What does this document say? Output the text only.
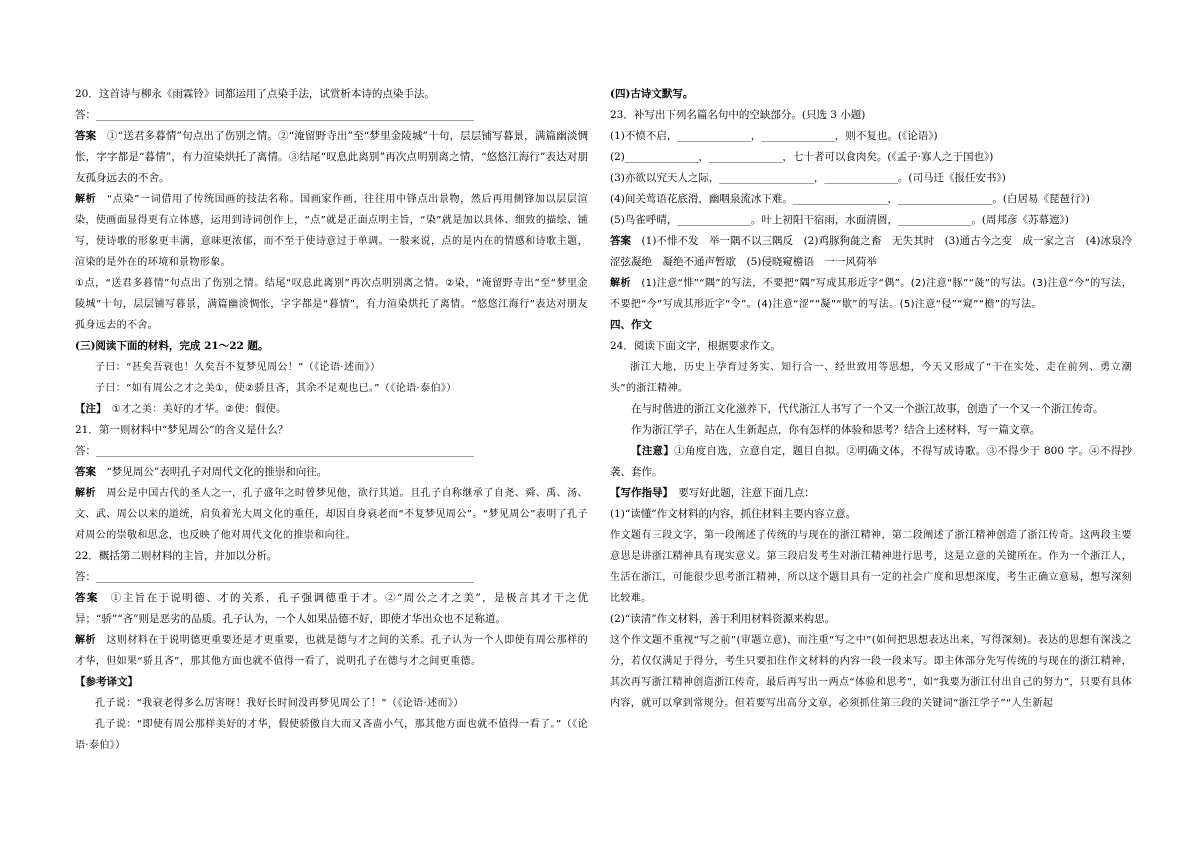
20．这首诗与柳永《雨霖铃》词都运用了点染手法，试赏析本诗的点染手法。

答：________________________________________________________________________

答案　 ①“送君多暮情”句点出了伤别之情。②“淹留野寺出”至“梦里金陵城”十句，层层铺写暮景，满篇幽淡惆怅，字字都是“暮情”，有力渲染烘托了离情。③结尾“叹息此离别”再次点明别离之情，“悠悠江海行”表达对朋友孤身远去的不舍。

解析　 “点染”一词借用了传统国画的技法名称。国画家作画，往往用中锋点出景物，然后再用侧锋加以层层渲染，使画面显得更有立体感，运用到诗词创作上，“点”就是正面点明主旨，“染”就是加以具体、细致的描绘、铺写，使诗歌的形象更丰满，意味更浓郁，而不至于使诗意过于单调。一般来说，点的是内在的情感和诗歌主题，渲染的是外在的环境和景物形象。

①点，“送君多暮情”句点出了伤别之情。结尾“叹息此离别”再次点明别离之情。②染，“淹留野寺出”至“梦里金陵城”十句，层层铺写暮景，满篇幽淡惆怅，字字都是“暮情”，有力渲染烘托了离情。“悠悠江海行”表达对朋友孤身远去的不舍。

(三)阅读下面的材料，完成 21～22 题。

子曰：“甚矣吾衰也！久矣吾不复梦见周公！”（《论语·述而》）

子曰：“如有周公之才之美①，使②骄且吝，其余不足观也已。”（《论语·泰伯》）

【注】　 ①才之美：美好的才华。②使：假使。

21．第一则材料中“梦见周公”的含义是什么？

答：________________________________________________________________________

答案　 “梦见周公”表明孔子对周代文化的推崇和向往。

解析　 周公是中国古代的圣人之一，孔子盛年之时曾梦见他，欲行其道。且孔子自称继承了自尧、舜、禹、汤、文、武、周公以来的道统，肩负着光大周文化的重任，却因自身衰老而“不复梦见周公”。“梦见周公”表明了孔子对周公的崇敬和思念，也反映了他对周代文化的推崇和向往。

22．概括第二则材料的主旨，并加以分析。

答：________________________________________________________________________

答案　 ①主旨在于说明德、才的关系，孔子强调德重于才。②“周公之才之美”，是极言其才干之优异；“骄”“吝”则是恶劣的品质。孔子认为，一个人如果品德不好，即使才华出众也不足称道。

解析　 这则材料在于说明德更重要还是才更重要，也就是德与才之间的关系。孔子认为一个人即使有周公那样的才华，但如果“骄且吝”，那其他方面也就不值得一看了，说明孔子在德与才之间更重德。

【参考译文】

孔子说：“我衰老得多么厉害呀！我好长时间没再梦见周公了！”（《论语·述而》）

孔子说：“即使有周公那样美好的才华，假使骄傲自大而又吝啬小气，那其他方面也就不值得一看了。”（《论语·泰伯》）

(四)古诗文默写。

23．补写出下列名篇名句中的空缺部分。(只选 3 小题)

(1)不愤不启，______________，______________，则不复也。(《论语》)

(2)______________，______________，七十者可以食肉矣。(《孟子·寡人之于国也》)

(3)亦欲以究天人之际，__________________，______________。(司马迁《报任安书》)

(4)间关莺语花底滑，幽咽泉流冰下难。__________________，__________________。(白居易《琵琶行》)

(5)鸟雀呼晴，______________。叶上初阳干宿雨，水面清圆，______________。(周邦彦《苏幕遮》)

答案　 (1)不悱不发　举一隅不以三隅反　(2)鸡豚狗彘之畜　无失其时　(3)通古今之变　成一家之言　(4)冰泉冷涩弦凝绝　凝绝不通声暂歇　(5)侵晓窥檐语　一一风荷举

解析　 (1)注意“悱”“隅”的写法，不要把“隅”写成其形近字“偶”。(2)注意“豚”“彘”的写法。(3)注意“今”的写法，不要把“今”写成其形近字“令”。(4)注意“涩”“凝”“歇”的写法。(5)注意“侵”“窥”“檐”的写法。

四、作文

24．阅读下面文字，根据要求作文。

浙江大地，历史上孕育过务实、知行合一、经世致用等思想，今天又形成了“干在实处、走在前列、勇立潮头”的浙江精神。

在与时偕进的浙江文化滋养下，代代浙江人书写了一个又一个浙江故事，创造了一个又一个浙江传奇。

作为浙江学子，站在人生新起点，你有怎样的体验和思考？结合上述材料，写一篇文章。

【注意】①角度自选，立意自定，题目自拟。②明确文体，不得写成诗歌。③不得少于 800 字。④不得抄袭、套作。

【写作指导】　 要写好此题，注意下面几点：

(1)“读懂”作文材料的内容，抓住材料主要内容立意。

作文题有三段文字，第一段阐述了传统的与现在的浙江精神，第二段阐述了浙江精神创造了浙江传奇。这两段主要意思是讲浙江精神具有现实意义。第三段启发考生对浙江精神进行思考，这是立意的关键所在。作为一个浙江人，生活在浙江，可能很少思考浙江精神，所以这个题目具有一定的社会广度和思想深度，考生正确立意易，想写深刻比较难。

(2)“读清”作文材料，善于利用材料资源来构思。

这个作文题不重视“写之前”(审题立意)，而注重“写之中”(如何把思想表达出来，写得深刻)。表达的思想有深浅之分，若仅仅满足于得分，考生只要扣住作文材料的内容一段一段来写。即主体部分先写传统的与现在的浙江精神，其次再写浙江精神创造浙江传奇，最后再写出一两点“体验和思考”，如“我要为浙江付出自己的努力”，只要有具体内容，就可以拿到常规分。但若要写出高分文章，必须抓住第三段的关键词“浙江学子”“人生新起
